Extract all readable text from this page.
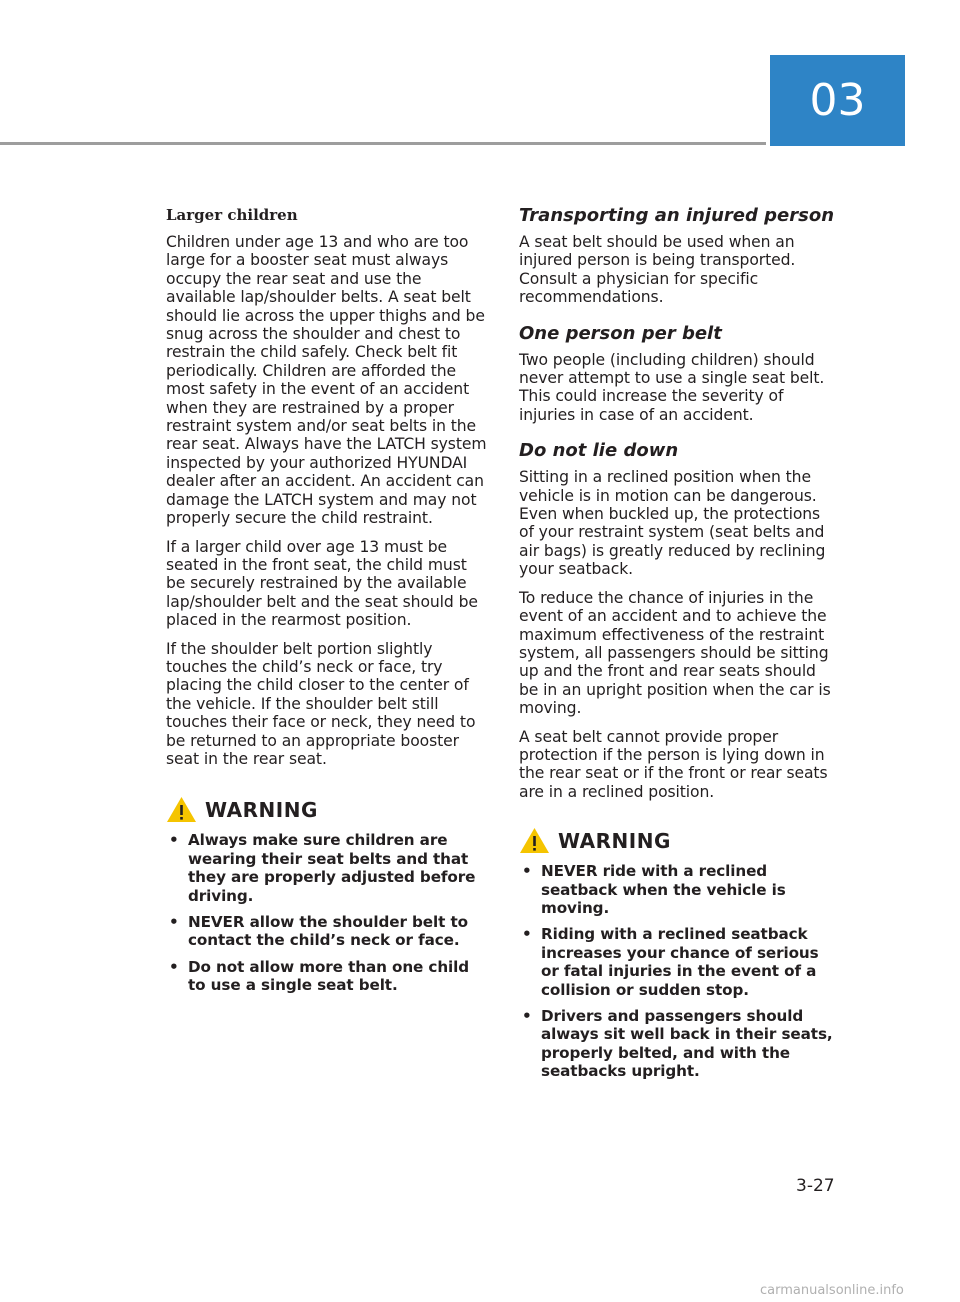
03
Larger children

Children under age 13 and who are too large for a booster seat must always occupy the rear seat and use the available lap/shoulder belts. A seat belt should lie across the upper thighs and be snug across the shoulder and chest to restrain the child safely. Check belt fit periodically. Children are afforded the most safety in the event of an accident when they are restrained by a proper restraint system and/or seat belts in the rear seat. Always have the LATCH system inspected by your authorized HYUNDAI dealer after an accident. An accident can damage the LATCH system and may not properly secure the child restraint.

If a larger child over age 13 must be seated in the front seat, the child must be securely restrained by the available lap/shoulder belt and the seat should be placed in the rearmost position.

If the shoulder belt portion slightly touches the child’s neck or face, try placing the child closer to the center of the vehicle. If the shoulder belt still touches their face or neck, they need to be returned to an appropriate booster seat in the rear seat.

WARNING
• Always make sure children are wearing their seat belts and that they are properly adjusted before driving.
• NEVER allow the shoulder belt to contact the child’s neck or face.
• Do not allow more than one child to use a single seat belt.
Transporting an injured person

A seat belt should be used when an injured person is being transported. Consult a physician for specific recommendations.

One person per belt

Two people (including children) should never attempt to use a single seat belt. This could increase the severity of injuries in case of an accident.

Do not lie down

Sitting in a reclined position when the vehicle is in motion can be dangerous. Even when buckled up, the protections of your restraint system (seat belts and air bags) is greatly reduced by reclining your seatback.

To reduce the chance of injuries in the event of an accident and to achieve the maximum effectiveness of the restraint system, all passengers should be sitting up and the front and rear seats should be in an upright position when the car is moving.

A seat belt cannot provide proper protection if the person is lying down in the rear seat or if the front or rear seats are in a reclined position.

WARNING
• NEVER ride with a reclined seatback when the vehicle is moving.
• Riding with a reclined seatback increases your chance of serious or fatal injuries in the event of a collision or sudden stop.
• Drivers and passengers should always sit well back in their seats, properly belted, and with the seatbacks upright.
3-27
carmanualsonline.info
